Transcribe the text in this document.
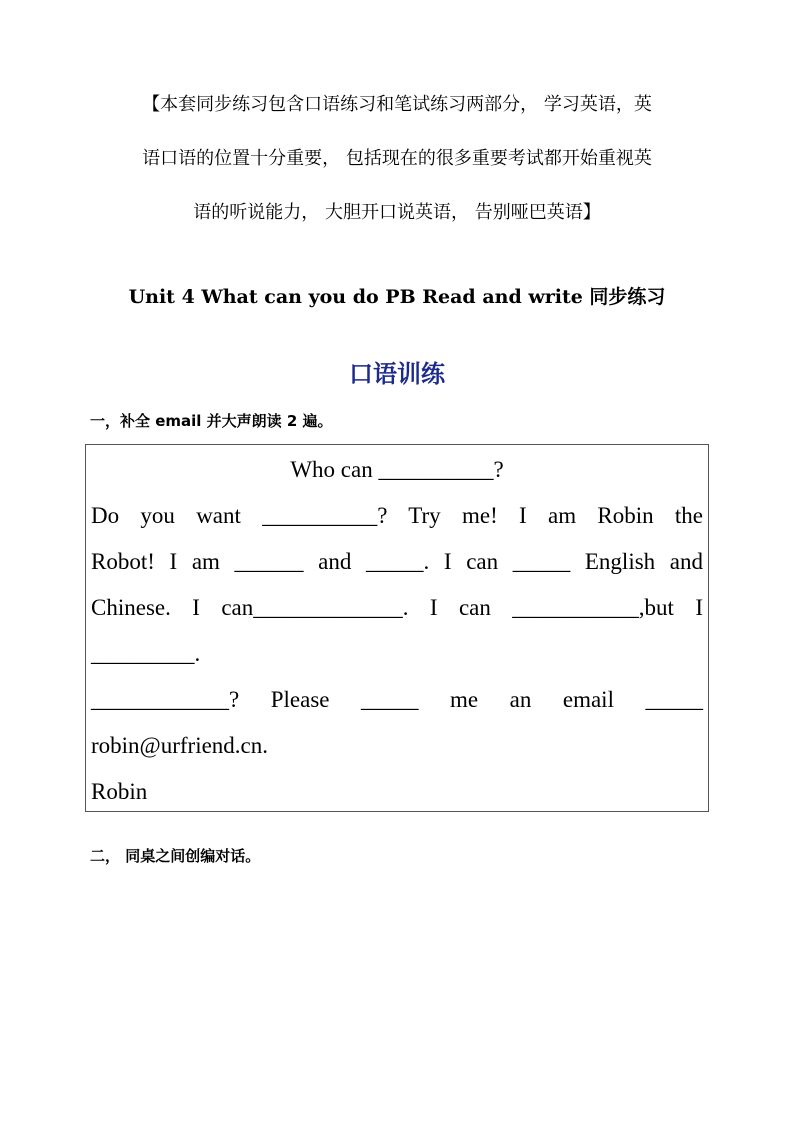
【本套同步练习包含口语练习和笔试练习两部分， 学习英语，英
语口语的位置十分重要， 包括现在的很多重要考试都开始重视英
语的听说能力， 大胆开口说英语， 告别哑巴英语】
Unit 4 What can you do PB Read and write 同步练习
口语训练

一，补全 email 并大声朗读 2 遍。

Who can __________?

Do you want __________? Try me! I am Robin the

Robot! I am ______ and _____. I can _____ English and

Chinese. I can_____________. I can ___________,but I

_________.

____________? Please _____ me an email _____

robin@urfriend.cn.

Robin

二， 同桌之间创编对话。
